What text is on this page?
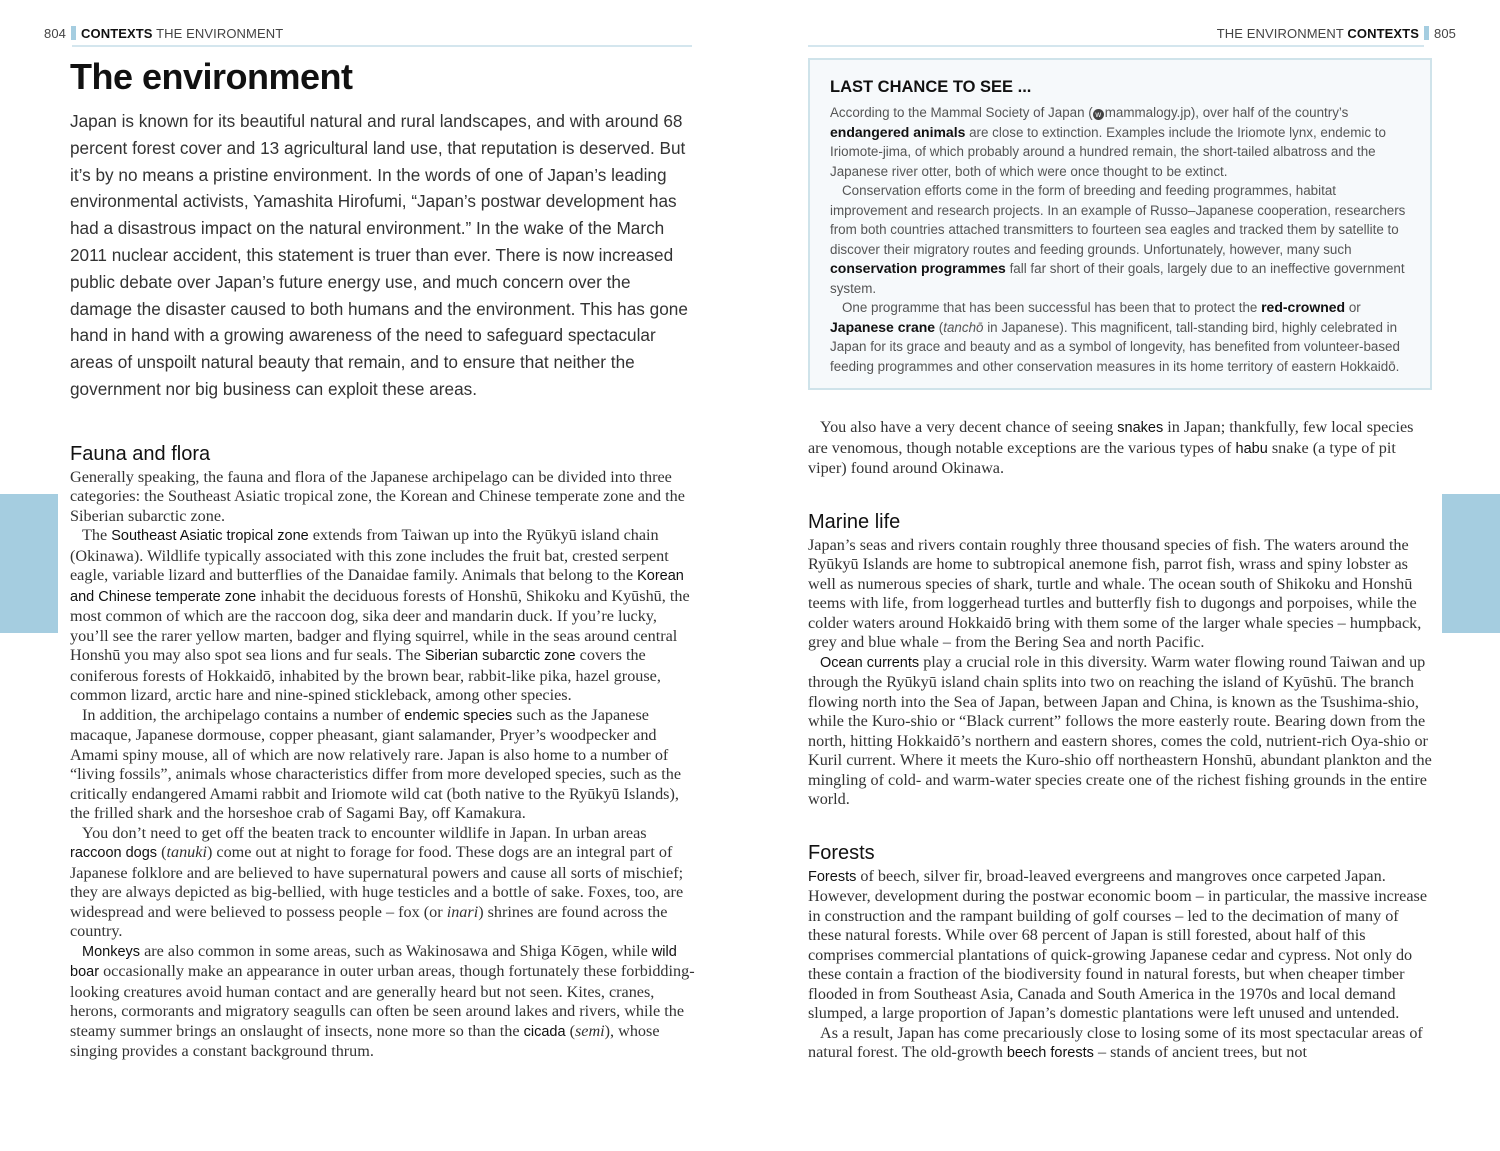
804 CONTEXTS THE ENVIRONMENT	THE ENVIRONMENT CONTEXTS 805
The environment

Japan is known for its beautiful natural and rural landscapes, and with around 68 percent forest cover and 13 agricultural land use, that reputation is deserved. But it’s by no means a pristine environment. In the words of one of Japan’s leading environmental activists, Yamashita Hirofumi, “Japan’s postwar development has had a disastrous impact on the natural environment.” In the wake of the March 2011 nuclear accident, this statement is truer than ever. There is now increased public debate over Japan’s future energy use, and much concern over the damage the disaster caused to both humans and the environment. This has gone hand in hand with a growing awareness of the need to safeguard spectacular areas of unspoilt natural beauty that remain, and to ensure that neither the government nor big business can exploit these areas.

Fauna and flora

Generally speaking, the fauna and flora of the Japanese archipelago can be divided into three categories: the Southeast Asiatic tropical zone, the Korean and Chinese temperate zone and the Siberian subarctic zone.

The Southeast Asiatic tropical zone extends from Taiwan up into the Ryūkyū island chain (Okinawa). Wildlife typically associated with this zone includes the fruit bat, crested serpent eagle, variable lizard and butterflies of the Danaidae family. Animals that belong to the Korean and Chinese temperate zone inhabit the deciduous forests of Honshū, Shikoku and Kyūshū, the most common of which are the raccoon dog, sika deer and mandarin duck. If you’re lucky, you’ll see the rarer yellow marten, badger and flying squirrel, while in the seas around central Honshū you may also spot sea lions and fur seals. The Siberian subarctic zone covers the coniferous forests of Hokkaidō, inhabited by the brown bear, rabbit-like pika, hazel grouse, common lizard, arctic hare and nine-spined stickleback, among other species.

In addition, the archipelago contains a number of endemic species such as the Japanese macaque, Japanese dormouse, copper pheasant, giant salamander, Pryer’s woodpecker and Amami spiny mouse, all of which are now relatively rare. Japan is also home to a number of “living fossils”, animals whose characteristics differ from more developed species, such as the critically endangered Amami rabbit and Iriomote wild cat (both native to the Ryūkyū Islands), the frilled shark and the horseshoe crab of Sagami Bay, off Kamakura.

You don’t need to get off the beaten track to encounter wildlife in Japan. In urban areas raccoon dogs (tanuki) come out at night to forage for food. These dogs are an integral part of Japanese folklore and are believed to have supernatural powers and cause all sorts of mischief; they are always depicted as big-bellied, with huge testicles and a bottle of sake. Foxes, too, are widespread and were believed to possess people – fox (or inari) shrines are found across the country.

Monkeys are also common in some areas, such as Wakinosawa and Shiga Kōgen, while wild boar occasionally make an appearance in outer urban areas, though fortunately these forbidding-looking creatures avoid human contact and are generally heard but not seen. Kites, cranes, herons, cormorants and migratory seagulls can often be seen around lakes and rivers, while the steamy summer brings an onslaught of insects, none more so than the cicada (semi), whose singing provides a constant background thrum.

LAST CHANCE TO SEE ...

According to the Mammal Society of Japan ( w mammalogy.jp), over half of the country’s endangered animals are close to extinction. Examples include the Iriomote lynx, endemic to Iriomote-jima, of which probably around a hundred remain, the short-tailed albatross and the Japanese river otter, both of which were once thought to be extinct.

Conservation efforts come in the form of breeding and feeding programmes, habitat improvement and research projects. In an example of Russo–Japanese cooperation, researchers from both countries attached transmitters to fourteen sea eagles and tracked them by satellite to discover their migratory routes and feeding grounds. Unfortunately, however, many such conservation programmes fall far short of their goals, largely due to an ineffective government system.

One programme that has been successful has been that to protect the red-crowned or Japanese crane (tanchō in Japanese). This magnificent, tall-standing bird, highly celebrated in Japan for its grace and beauty and as a symbol of longevity, has benefited from volunteer-based feeding programmes and other conservation measures in its home territory of eastern Hokkaidō.

You also have a very decent chance of seeing snakes in Japan; thankfully, few local species are venomous, though notable exceptions are the various types of habu snake (a type of pit viper) found around Okinawa.

Marine life

Japan’s seas and rivers contain roughly three thousand species of fish. The waters around the Ryūkyū Islands are home to subtropical anemone fish, parrot fish, wrass and spiny lobster as well as numerous species of shark, turtle and whale. The ocean south of Shikoku and Honshū teems with life, from loggerhead turtles and butterfly fish to dugongs and porpoises, while the colder waters around Hokkaidō bring with them some of the larger whale species – humpback, grey and blue whale – from the Bering Sea and north Pacific.

Ocean currents play a crucial role in this diversity. Warm water flowing round Taiwan and up through the Ryūkyū island chain splits into two on reaching the island of Kyūshū. The branch flowing north into the Sea of Japan, between Japan and China, is known as the Tsushima-shio, while the Kuro-shio or “Black current” follows the more easterly route. Bearing down from the north, hitting Hokkaidō’s northern and eastern shores, comes the cold, nutrient-rich Oya-shio or Kuril current. Where it meets the Kuro-shio off northeastern Honshū, abundant plankton and the mingling of cold- and warm-water species create one of the richest fishing grounds in the entire world.

Forests

Forests of beech, silver fir, broad-leaved evergreens and mangroves once carpeted Japan. However, development during the postwar economic boom – in particular, the massive increase in construction and the rampant building of golf courses – led to the decimation of many of these natural forests. While over 68 percent of Japan is still forested, about half of this comprises commercial plantations of quick-growing Japanese cedar and cypress. Not only do these contain a fraction of the biodiversity found in natural forests, but when cheaper timber flooded in from Southeast Asia, Canada and South America in the 1970s and local demand slumped, a large proportion of Japan’s domestic plantations were left unused and untended.

As a result, Japan has come precariously close to losing some of its most spectacular areas of natural forest. The old-growth beech forests – stands of ancient trees, but not
